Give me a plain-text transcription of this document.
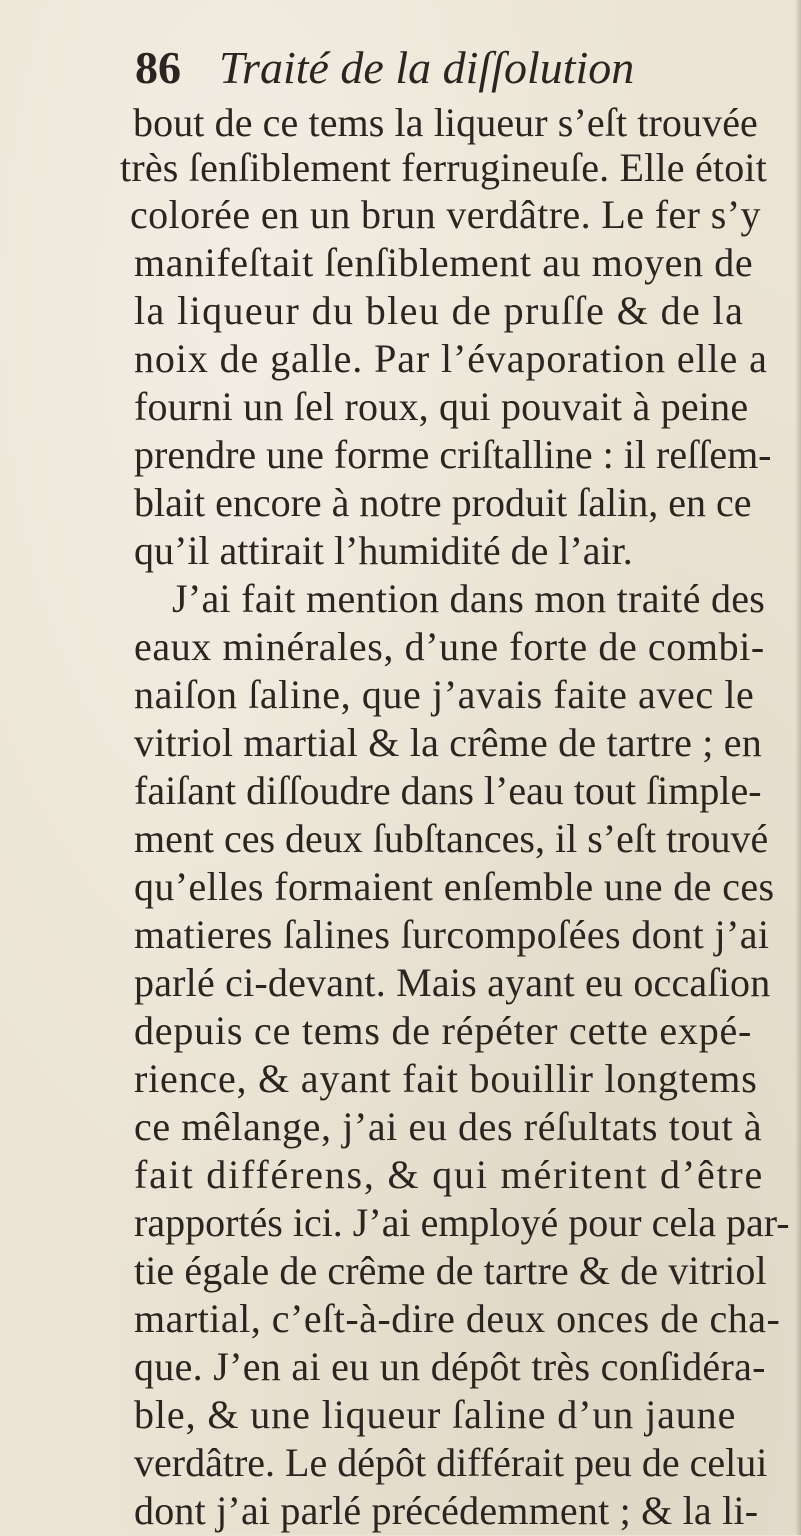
86 Traité de la diſſolution
bout de ce tems la liqueur s’eſt trouvée
très ſenſiblement ferrugineuſe. Elle étoit
colorée en un brun verdâtre. Le fer s’y
manifeſtait ſenſiblement au moyen de
la liqueur du bleu de pruſſe & de la
noix de galle. Par l’évaporation elle a
fourni un ſel roux, qui pouvait à peine
prendre une forme criſtalline : il reſſem-
blait encore à notre produit ſalin, en ce
qu’il attirait l’humidité de l’air.
J’ai fait mention dans mon traité des
eaux minérales, d’une forte de combi-
naiſon ſaline, que j’avais faite avec le
vitriol martial & la crême de tartre ; en
faiſant diſſoudre dans l’eau tout ſimple-
ment ces deux ſubſtances, il s’eſt trouvé
qu’elles formaient enſemble une de ces
matieres ſalines ſurcompoſées dont j’ai
parlé ci-devant. Mais ayant eu occaſion
depuis ce tems de répéter cette expé-
rience, & ayant fait bouillir longtems
ce mêlange, j’ai eu des réſultats tout à
fait différens, & qui méritent d’être
rapportés ici. J’ai employé pour cela par-
tie égale de crême de tartre & de vitriol
martial, c’eſt-à-dire deux onces de cha-
que. J’en ai eu un dépôt très conſidéra-
ble, & une liqueur ſaline d’un jaune
verdâtre. Le dépôt différait peu de celui
dont j’ai parlé précédemment ; & la li-
